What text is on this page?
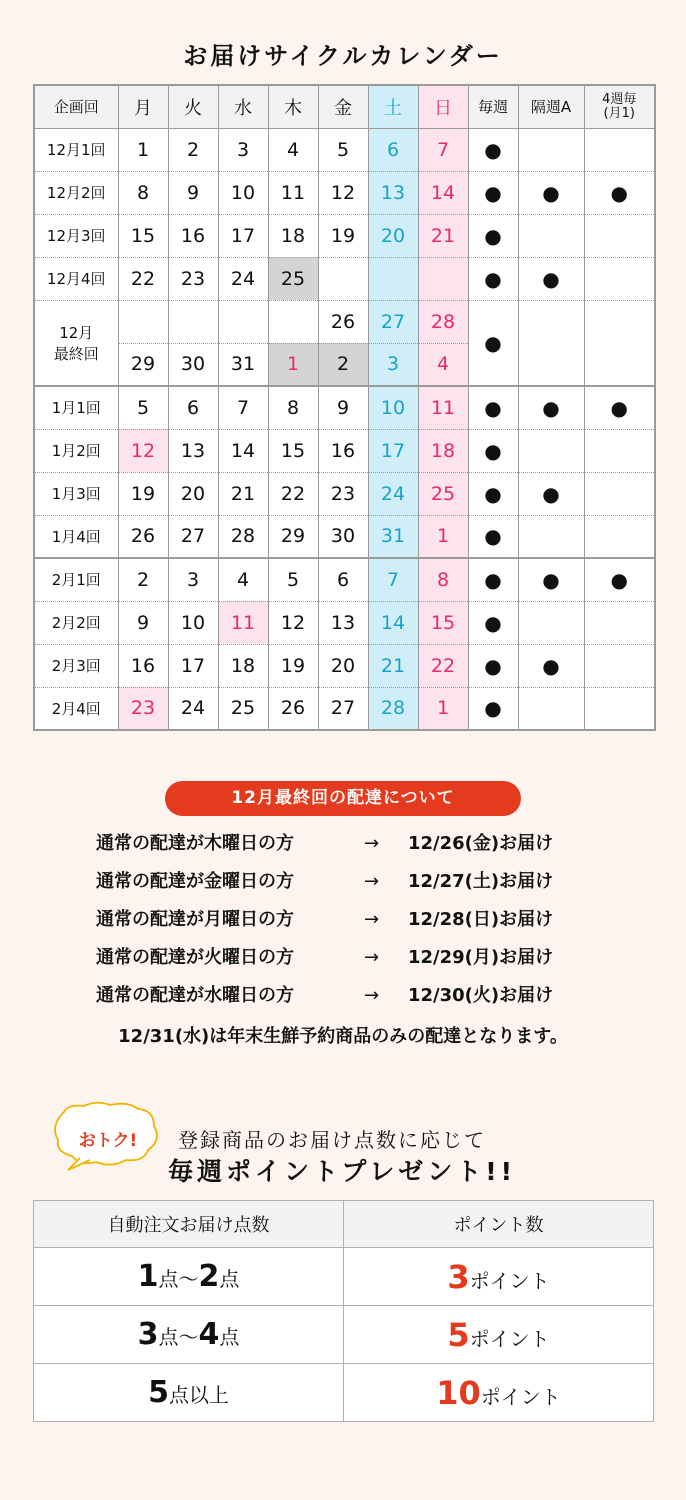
お届けサイクルカレンダー
企画回	月	火	水	木	金	土	日	毎週	隔週A	4週毎
(月1)
12月1回	1	2	3	4	5	6	7	●		
12月2回	8	9	10	11	12	13	14	●	●	●
12月3回	15	16	17	18	19	20	21	●		
12月4回	22	23	24	25				●	●	
12月
最終回					26	27	28	●		
	29	30	31	1	2	3	4			
1月1回	5	6	7	8	9	10	11	●	●	●
1月2回	12	13	14	15	16	17	18	●		
1月3回	19	20	21	22	23	24	25	●	●	
1月4回	26	27	28	29	30	31	1	●		
2月1回	2	3	4	5	6	7	8	●	●	●
2月2回	9	10	11	12	13	14	15	●		
2月3回	16	17	18	19	20	21	22	●	●	
2月4回	23	24	25	26	27	28	1	●		
12月最終回の配達について
通常の配達が木曜日の方	→ 12/26(金)お届け
通常の配達が金曜日の方	→ 12/27(土)お届け
通常の配達が月曜日の方	→ 12/28(日)お届け
通常の配達が火曜日の方	→ 12/29(月)お届け
通常の配達が水曜日の方	→ 12/30(火)お届け
12/31(水)は年末生鮮予約商品のみの配達となります。
おトク!	登録商品のお届け点数に応じて
毎週ポイントプレゼント!!
自動注文お届け点数	ポイント数
1点～2点	3ポイント
3点～4点	5ポイント
5点以上	10ポイント
